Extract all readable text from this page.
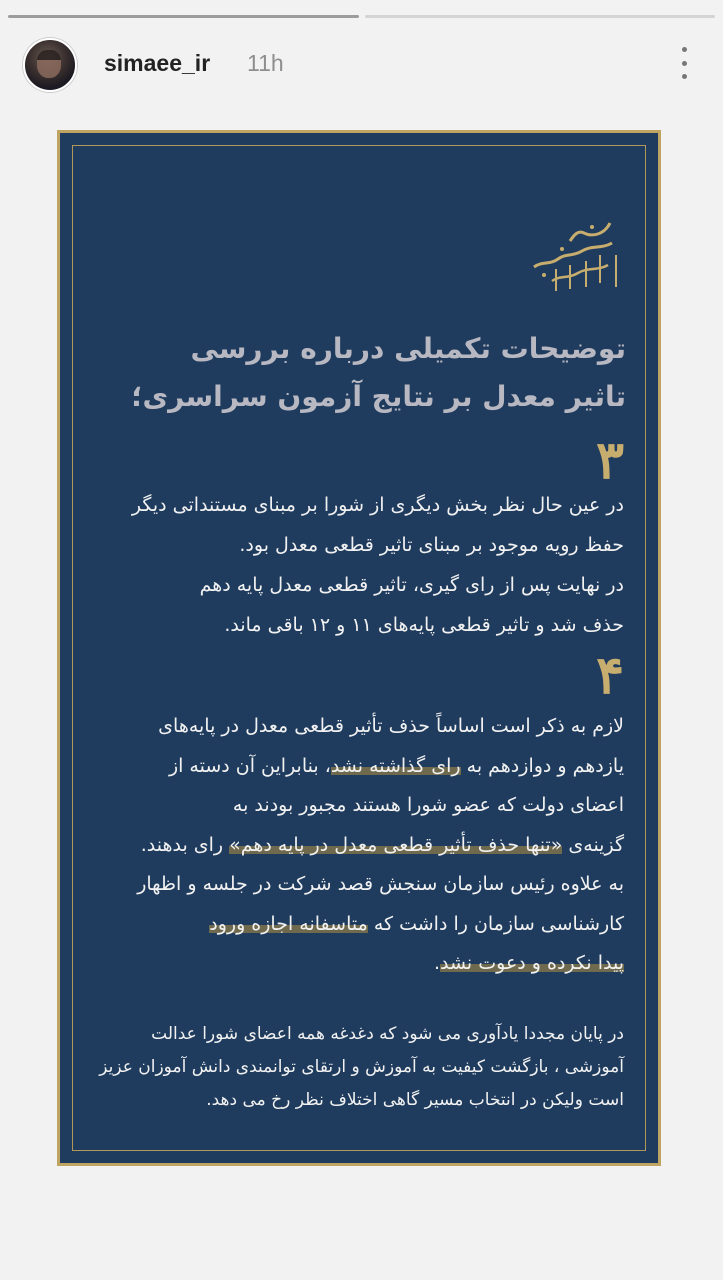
simaee_ir 11h
توضیحات تکمیلی درباره بررسی
تاثیر معدل بر نتایج آزمون سراسری؛
۳
در عین حال نظر بخش دیگری از شورا بر مبنای مستنداتی دیگر
حفظ رویه موجود بر مبنای تاثیر قطعی معدل بود.
در نهایت پس از رای گیری، تاثیر قطعی معدل پایه دهم
حذف شد و تاثیر قطعی پایه‌های ۱۱ و ۱۲ باقی ماند.
۴
لازم به ذکر است اساساً حذف تأثیر قطعی معدل در پایه‌های
یازدهم و دوازدهم به رای گذاشته نشد، بنابراین آن دسته از
اعضای دولت که عضو شورا هستند مجبور بودند به
گزینه‌ی «تنها حذف تأثیر قطعی معدل در پایه دهم» رای بدهند.
به علاوه رئیس سازمان سنجش قصد شرکت در جلسه و اظهار
کارشناسی سازمان را داشت که متاسفانه اجازه ورود
پیدا نکرده و دعوت نشد.
در پایان مجددا یادآوری می شود که دغدغه همه اعضای شورا عدالت
آموزشی ، بازگشت کیفیت به آموزش و ارتقای توانمندی دانش آموزان عزیز
است ولیکن در انتخاب مسیر گاهی اختلاف نظر رخ می دهد.
